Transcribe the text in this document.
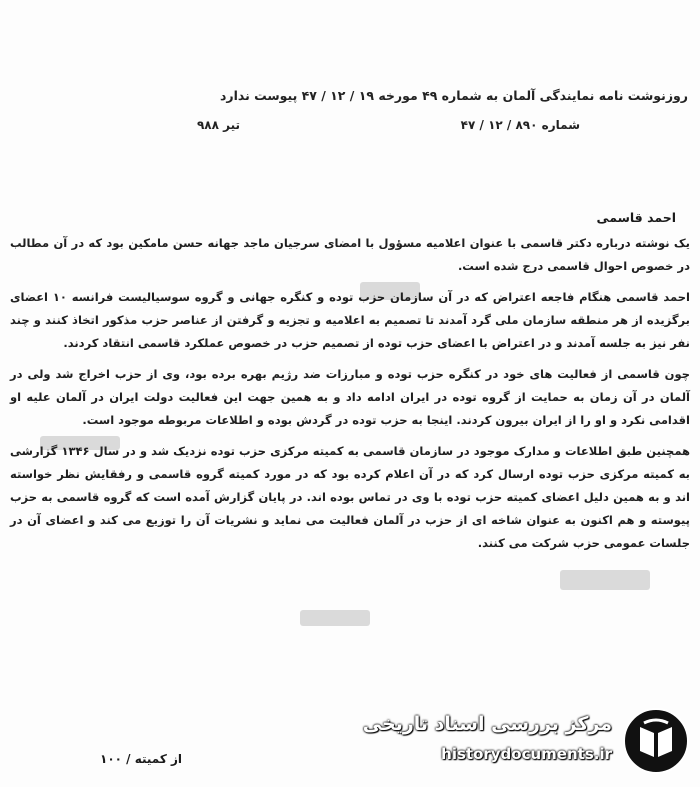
روزنوشت نامه نمایندگی آلمان به شماره ۴۹ مورخه ۱۹ / ۱۲ / ۴۷ پیوست ندارد
شماره ۸۹۰ / ۱۲ / ۴۷
تیر ۹۸۸
احمد قاسمی

یک نوشته درباره دکتر قاسمی با عنوان اعلامیه مسؤول با امضای سرجیان ماجد جهانه حسن مامکین بود که در آن مطالب در خصوص احوال قاسمی درج شده است.

احمد قاسمی هنگام فاجعه اعتراض که در آن سازمان حزب توده و کنگره جهانی و گروه سوسیالیست فرانسه ۱۰ اعضای برگزیده از هر منطقه سازمان ملی گرد آمدند تا تصمیم به اعلامیه و تجزیه و گرفتن از عناصر حزب مذکور اتخاذ کنند و چند نفر نیز به جلسه آمدند و در اعتراض با اعضای حزب توده از تصمیم حزب در خصوص عملکرد قاسمی انتقاد کردند.

چون قاسمی از فعالیت های خود در کنگره حزب توده و مبارزات ضد رژیم بهره برده بود، وی از حزب اخراج شد ولی در آلمان در آن زمان به حمایت از گروه توده در ایران ادامه داد و به همین جهت این فعالیت دولت ایران در آلمان علیه او اقدامی نکرد و او را از ایران بیرون کردند. اینجا به حزب توده در گردش بوده و اطلاعات مربوطه موجود است.

همچنین طبق اطلاعات و مدارک موجود در سازمان قاسمی به کمیته مرکزی حزب توده نزدیک شد و در سال ۱۳۴۶ گزارشی به کمیته مرکزی حزب توده ارسال کرد که در آن اعلام کرده بود که در مورد کمیته گروه قاسمی و رفقایش نظر خواسته اند و به همین دلیل اعضای کمیته حزب توده با وی در تماس بوده اند. در پایان گزارش آمده است که گروه قاسمی به حزب پیوسته و هم اکنون به عنوان شاخه ای از حزب در آلمان فعالیت می نماید و نشریات آن را توزیع می کند و اعضای آن در جلسات عمومی حزب شرکت می کنند.

از کمیته / ۱۰۰
مرکز بررسی اسناد تاریخی
historydocuments.ir
